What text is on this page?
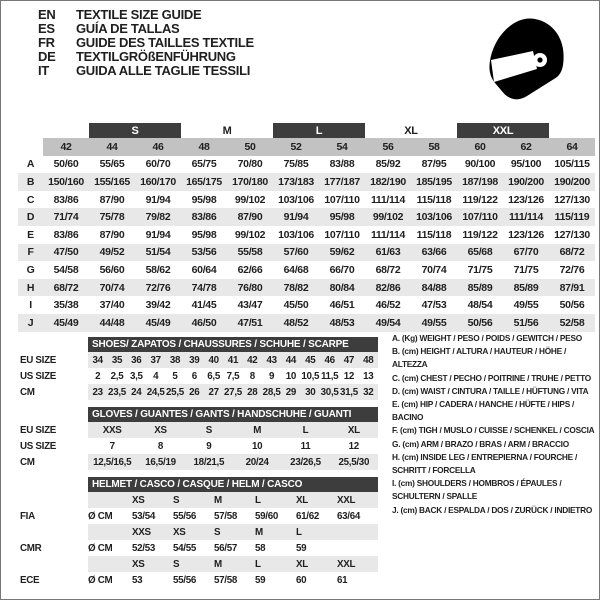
EN	TEXTILE SIZE GUIDE
ES	GUÍA DE TALLAS
FR	GUIDE DES TAILLES TEXTILE
DE	TEXTILGRÖßENFÜHRUNG
IT	GUIDA ALLE TAGLIE TESSILI
		S		M		L		XL		XXL		
	42	44	46	48	50	52	54	56	58	60	62	64
A	50/60	55/65	60/70	65/75	70/80	75/85	83/88	85/92	87/95	90/100	95/100	105/115
B	150/160	155/165	160/170	165/175	170/180	173/183	177/187	182/190	185/195	187/198	190/200	190/200
C	83/86	87/90	91/94	95/98	99/102	103/106	107/110	111/114	115/118	119/122	123/126	127/130
D	71/74	75/78	79/82	83/86	87/90	91/94	95/98	99/102	103/106	107/110	111/114	115/119
E	83/86	87/90	91/94	95/98	99/102	103/106	107/110	111/114	115/118	119/122	123/126	127/130
F	47/50	49/52	51/54	53/56	55/58	57/60	59/62	61/63	63/66	65/68	67/70	68/72
G	54/58	56/60	58/62	60/64	62/66	64/68	66/70	68/72	70/74	71/75	71/75	72/76
H	68/72	70/74	72/76	74/78	76/80	78/82	80/84	82/86	84/88	85/89	85/89	87/91
I	35/38	37/40	39/42	41/45	43/47	45/50	46/51	46/52	47/53	48/54	49/55	50/56
J	45/49	44/48	45/49	46/50	47/51	48/52	48/53	49/54	49/55	50/56	51/56	52/58
SHOES/ ZAPATOS / CHAUSSURES / SCHUHE / SCARPE
EU SIZE	34 35 36 37 38 39 40 41 42 43 44 45 46 47 48
US SIZE	2	2,5 3,5	4	5	6	6,5 7,5	8	9	10 10,5 11,5 12 13
CM	23 23,5 24 24,5 25,5 26 27 27,5 28 28,5 29 30 30,5 31,5 32
GLOVES / GUANTES / GANTS / HANDSCHUHE / GUANTI
EU SIZE	XXS	XS	S	M	L	XL
US SIZE	7	8	9	10	11	12
CM	12,5/16,5	16,5/19	18/21,5	20/24	23/26,5	25,5/30
HELMET / CASCO / CASQUE / HELM / CASCO
XS	S	M	L	XL	XXL
FIA	Ø CM	53/54	55/56	57/58	59/60	61/62	63/64
XXS	XS	S	M	L
CMR	Ø CM	52/53	54/55	56/57	58	59
XS	S	M	L	XL	XXL
ECE	Ø CM	53	55/56	57/58	59	60	61
A. (Kg) WEIGHT / PESO / POIDS / GEWITCH / PESO
B. (cm) HEIGHT / ALTURA / HAUTEUR / HÖHE / ALTEZZA
C. (cm) CHEST / PECHO / POITRINE / TRUHE / PETTO
D. (cm) WAIST / CINTURA / TAILLE / HÜFTUNG / VITA
E. (cm) HIP / CADERA / HANCHE / HÜFTE / HIPS / BACINO
F. (cm) TIGH / MUSLO / CUISSE / SCHENKEL / COSCIA
G. (cm) ARM / BRAZO / BRAS / ARM / BRACCIO
H. (cm) INSIDE LEG / ENTREPIERNA / FOURCHE / SCHRITT / FORCELLA
I. (cm) SHOULDERS / HOMBROS / ÉPAULES / SCHULTERN / SPALLE
J. (cm) BACK / ESPALDA / DOS / ZURÜCK / INDIETRO
